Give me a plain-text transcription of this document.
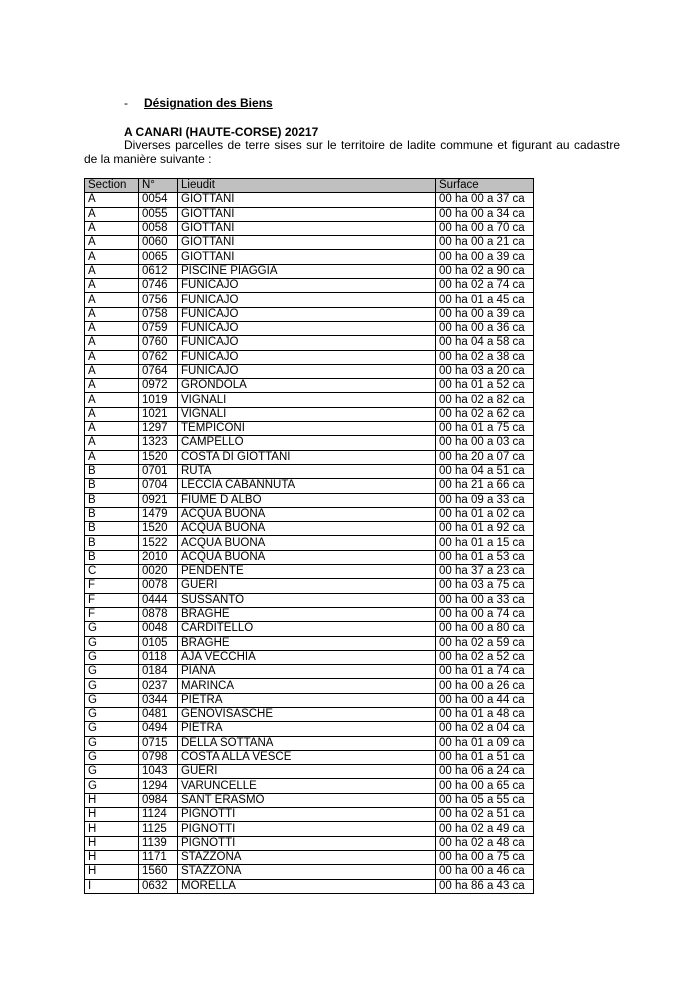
- Désignation des Biens
A CANARI (HAUTE-CORSE) 20217
Diverses parcelles de terre sises sur le territoire de ladite commune et figurant au cadastre de la manière suivante :
Section	N°	Lieudit	Surface
A	0054	GIOTTANI	00 ha 00 a 37 ca
A	0055	GIOTTANI	00 ha 00 a 34 ca
A	0058	GIOTTANI	00 ha 00 a 70 ca
A	0060	GIOTTANI	00 ha 00 a 21 ca
A	0065	GIOTTANI	00 ha 00 a 39 ca
A	0612	PISCINE PIAGGIA	00 ha 02 a 90 ca
A	0746	FUNICAJO	00 ha 02 a 74 ca
A	0756	FUNICAJO	00 ha 01 a 45 ca
A	0758	FUNICAJO	00 ha 00 a 39 ca
A	0759	FUNICAJO	00 ha 00 a 36 ca
A	0760	FUNICAJO	00 ha 04 a 58 ca
A	0762	FUNICAJO	00 ha 02 a 38 ca
A	0764	FUNICAJO	00 ha 03 a 20 ca
A	0972	GRONDOLA	00 ha 01 a 52 ca
A	1019	VIGNALI	00 ha 02 a 82 ca
A	1021	VIGNALI	00 ha 02 a 62 ca
A	1297	TEMPICONI	00 ha 01 a 75 ca
A	1323	CAMPELLO	00 ha 00 a 03 ca
A	1520	COSTA DI GIOTTANI	00 ha 20 a 07 ca
B	0701	RUTA	00 ha 04 a 51 ca
B	0704	LECCIA CABANNUTA	00 ha 21 a 66 ca
B	0921	FIUME D ALBO	00 ha 09 a 33 ca
B	1479	ACQUA BUONA	00 ha 01 a 02 ca
B	1520	ACQUA BUONA	00 ha 01 a 92 ca
B	1522	ACQUA BUONA	00 ha 01 a 15 ca
B	2010	ACQUA BUONA	00 ha 01 a 53 ca
C	0020	PENDENTE	00 ha 37 a 23 ca
F	0078	GUERI	00 ha 03 a 75 ca
F	0444	SUSSANTO	00 ha 00 a 33 ca
F	0878	BRAGHE	00 ha 00 a 74 ca
G	0048	CARDITELLO	00 ha 00 a 80 ca
G	0105	BRAGHE	00 ha 02 a 59 ca
G	0118	AJA VECCHIA	00 ha 02 a 52 ca
G	0184	PIANA	00 ha 01 a 74 ca
G	0237	MARINCA	00 ha 00 a 26 ca
G	0344	PIETRA	00 ha 00 a 44 ca
G	0481	GENOVISASCHE	00 ha 01 a 48 ca
G	0494	PIETRA	00 ha 02 a 04 ca
G	0715	DELLA SOTTANA	00 ha 01 a 09 ca
G	0798	COSTA ALLA VESCE	00 ha 01 a 51 ca
G	1043	GUERI	00 ha 06 a 24 ca
G	1294	VARUNCELLE	00 ha 00 a 65 ca
H	0984	SANT ERASMO	00 ha 05 a 55 ca
H	1124	PIGNOTTI	00 ha 02 a 51 ca
H	1125	PIGNOTTI	00 ha 02 a 49 ca
H	1139	PIGNOTTI	00 ha 02 a 48 ca
H	1171	STAZZONA	00 ha 00 a 75 ca
H	1560	STAZZONA	00 ha 00 a 46 ca
I	0632	MORELLA	00 ha 86 a 43 ca
